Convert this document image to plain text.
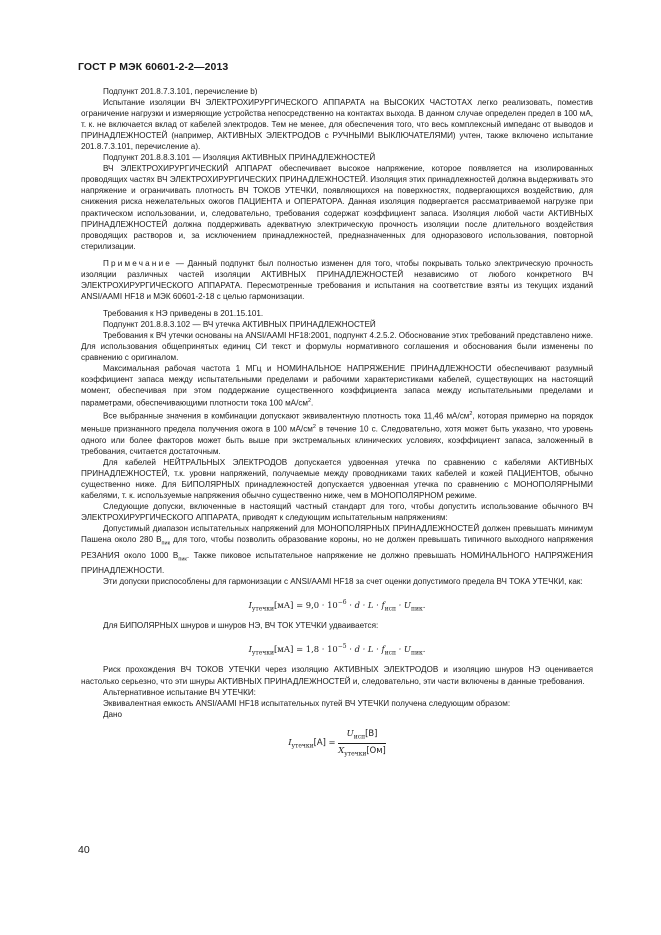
ГОСТ Р МЭК 60601-2-2—2013

Подпункт 201.8.7.3.101, перечисление b)

Испытание изоляции ВЧ ЭЛЕКТРОХИРУРГИЧЕСКОГО АППАРАТА на ВЫСОКИХ ЧАСТОТАХ легко реализовать, поместив ограничение нагрузки и измеряющие устройства непосредственно на контактах выхода. В данном случае определен предел в 100 мА, т. к. не включается вклад от кабелей электродов. Тем не менее, для обеспечения того, что весь комплексный импеданс от выводов и ПРИНАДЛЕЖНОСТЕЙ (например, АКТИВНЫХ ЭЛЕКТРОДОВ с РУЧНЫМИ ВЫКЛЮЧАТЕЛЯМИ) учтен, также включено испытание 201.8.7.3.101, перечисление a).

Подпункт 201.8.8.3.101 — Изоляция АКТИВНЫХ ПРИНАДЛЕЖНОСТЕЙ

ВЧ ЭЛЕКТРОХИРУРГИЧЕСКИЙ АППАРАТ обеспечивает высокое напряжение, которое появляется на изолированных проводящих частях ВЧ ЭЛЕКТРОХИРУРГИЧЕСКИХ ПРИНАДЛЕЖНОСТЕЙ. Изоляция этих принадлежностей должна выдерживать это напряжение и ограничивать плотность ВЧ ТОКОВ УТЕЧКИ, появляющихся на поверхностях, подвергающихся воздействию, для снижения риска нежелательных ожогов ПАЦИЕНТА и ОПЕРАТОРА. Данная изоляция подвергается рассматриваемой нагрузке при практическом использовании, и, следовательно, требования содержат коэффициент запаса. Изоляция любой части АКТИВНЫХ ПРИНАДЛЕЖНОСТЕЙ должна поддерживать адекватную электрическую прочность изоляции после длительного воздействия проводящих растворов и, за исключением принадлежностей, предназначенных для одноразового использования, повторной стерилизации.

Примечание — Данный подпункт был полностью изменен для того, чтобы покрывать только электрическую прочность изоляции различных частей изоляции АКТИВНЫХ ПРИНАДЛЕЖНОСТЕЙ независимо от любого конкретного ВЧ ЭЛЕКТРОХИРУРГИЧЕСКОГО АППАРАТА. Пересмотренные требования и испытания на соответствие взяты из текущих изданий ANSI/AAMI HF18 и МЭК 60601-2-18 с целью гармонизации.

Требования к НЭ приведены в 201.15.101.

Подпункт 201.8.8.3.102 — ВЧ утечка АКТИВНЫХ ПРИНАДЛЕЖНОСТЕЙ

Требования к ВЧ утечки основаны на ANSI/AAMI HF18:2001, подпункт 4.2.5.2. Обоснование этих требований представлено ниже. Для использования общепринятых единиц СИ текст и формулы нормативного соглашения и обоснования были изменены по сравнению с оригиналом.

Максимальная рабочая частота 1 МГц и НОМИНАЛЬНОЕ НАПРЯЖЕНИЕ ПРИНАДЛЕЖНОСТИ обеспечивают разумный коэффициент запаса между испытательными пределами и рабочими характеристиками кабелей, существующих на настоящий момент, обеспечивая при этом поддержание существенного коэффициента запаса между испытательными пределами и параметрами, обеспечивающими плотности тока 100 $мА/см^2$.

Все выбранные значения в комбинации допускают эквивалентную плотность тока 11,46 $мА/см^2$, которая примерно на порядок меньше признанного предела получения ожога в 100 $мА/см^2$ в течение 10 с. Следовательно, хотя может быть указано, что уровень одного или более факторов может быть выше при экстремальных клинических условиях, коэффициент запаса, заложенный в требования, считается достаточным.

Для кабелей НЕЙТРАЛЬНЫХ ЭЛЕКТРОДОВ допускается удвоенная утечка по сравнению с кабелями АКТИВНЫХ ПРИНАДЛЕЖНОСТЕЙ, т.к. уровни напряжений, получаемые между проводниками таких кабелей и кожей ПАЦИЕНТОВ, обычно существенно ниже. Для БИПОЛЯРНЫХ принадлежностей допускается удвоенная утечка по сравнению с МОНОПОЛЯРНЫМИ кабелями, т. к. используемые напряжения обычно существенно ниже, чем в МОНОПОЛЯРНОМ режиме.

Следующие допуски, включенные в настоящий частный стандарт для того, чтобы допустить использование обычного ВЧ ЭЛЕКТРОХИРУРГИЧЕСКОГО АППАРАТА, приводят к следующим испытательным напряжениям:

Допустимый диапазон испытательных напряжений для МОНОПОЛЯРНЫХ ПРИНАДЛЕЖНОСТЕЙ должен превышать минимум Пашена около 280 $В_{пик}$ для того, чтобы позволить образование короны, но не должен превышать типичного выходного напряжения РЕЗАНИЯ около 1000 $В_{пик}$. Также пиковое испытательное напряжение не должно превышать НОМИНАЛЬНОГО НАПРЯЖЕНИЯ ПРИНАДЛЕЖНОСТИ.

Эти допуски приспособлены для гармонизации с ANSI/AAMI HF18 за счет оценки допустимого предела ВЧ ТОКА УТЕЧКИ, как:

$I_{утечки}[мА] = 9,0 \cdot 10^{-6} \cdot d \cdot L \cdot f_{исп} \cdot U_{пик}$.

Для БИПОЛЯРНЫХ шнуров и шнуров НЭ, ВЧ ТОК УТЕЧКИ удваивается:

$I_{утечки}[мА] = 1,8 \cdot 10^{-5} \cdot d \cdot L \cdot f_{исп} \cdot U_{пик}$.

Риск прохождения ВЧ ТОКОВ УТЕЧКИ через изоляцию АКТИВНЫХ ЭЛЕКТРОДОВ и изоляцию шнуров НЭ оценивается настолько серьезно, что эти шнуры АКТИВНЫХ ПРИНАДЛЕЖНОСТЕЙ и, следовательно, эти части включены в данные требования.

Альтернативное испытание ВЧ УТЕЧКИ:

Эквивалентная емкость ANSI/AAMI HF18 испытательных путей ВЧ УТЕЧКИ получена следующим образом:

Дано

$I_{утечки}[A] = \frac{U_{исп}[В]}{X_{утечки}[Ом]}$
40
